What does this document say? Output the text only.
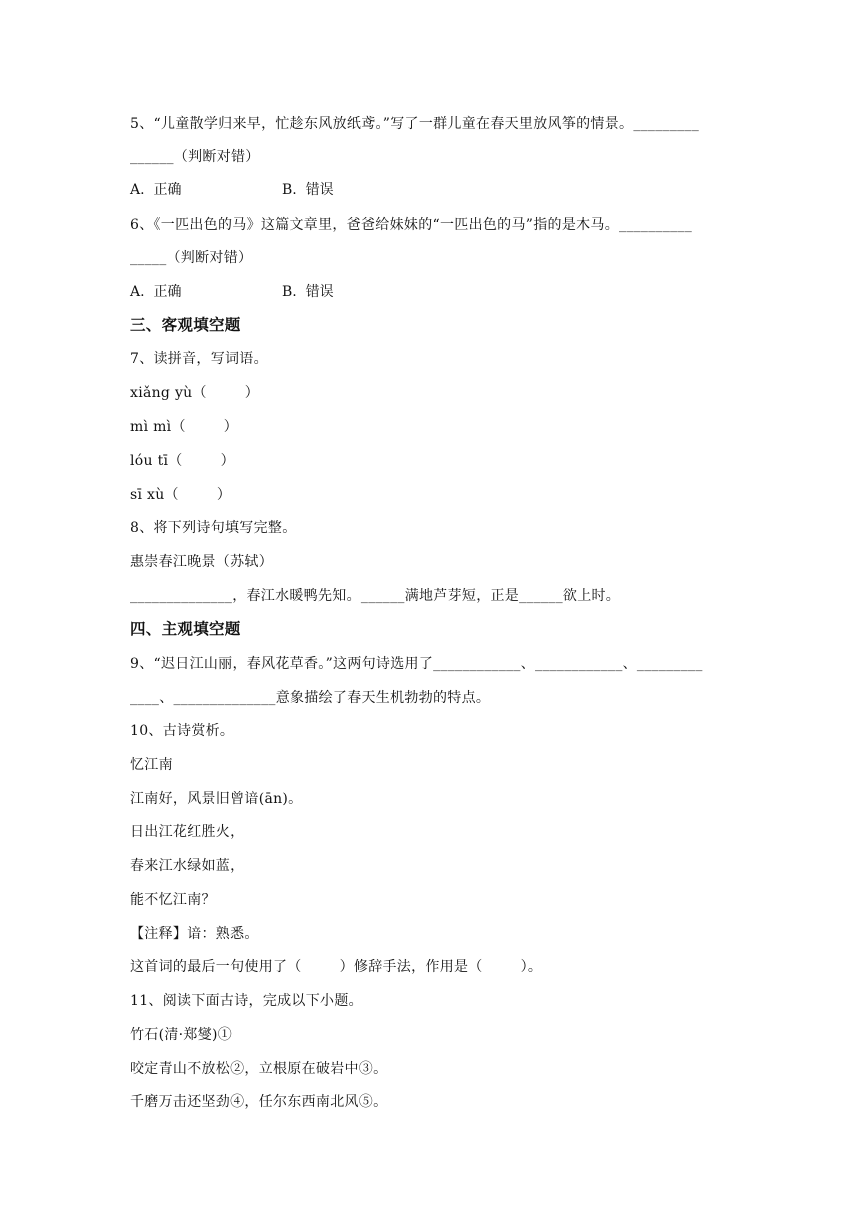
5、“儿童散学归来早，忙趁东风放纸鸢。”写了一群儿童在春天里放风筝的情景。_________
______（判断对错）
A.  正确	B.  错误
6、《一匹出色的马》这篇文章里，爸爸给妹妹的“一匹出色的马”指的是木马。__________
_____（判断对错）
A.  正确	B.  错误
三、客观填空题
7、读拼音，写词语。
xiǎng yù（        ）
mì mì（        ）
lóu tī（        ）
sī xù（        ）
8、将下列诗句填写完整。
惠崇春江晚景（苏轼）
______________，春江水暖鸭先知。______满地芦芽短，正是______欲上时。
四、主观填空题
9、“迟日江山丽，春风花草香。”这两句诗选用了____________、____________、_________
____、______________意象描绘了春天生机勃勃的特点。
10、古诗赏析。
忆江南
江南好，风景旧曾谙(ān)。
日出江花红胜火，
春来江水绿如蓝，
能不忆江南？
【注释】谙：熟悉。
这首词的最后一句使用了（        ）修辞手法，作用是（        ）。
11、阅读下面古诗，完成以下小题。
竹石(清·郑燮)①
咬定青山不放松②，立根原在破岩中③。
千磨万击还坚劲④，任尔东西南北风⑤。
